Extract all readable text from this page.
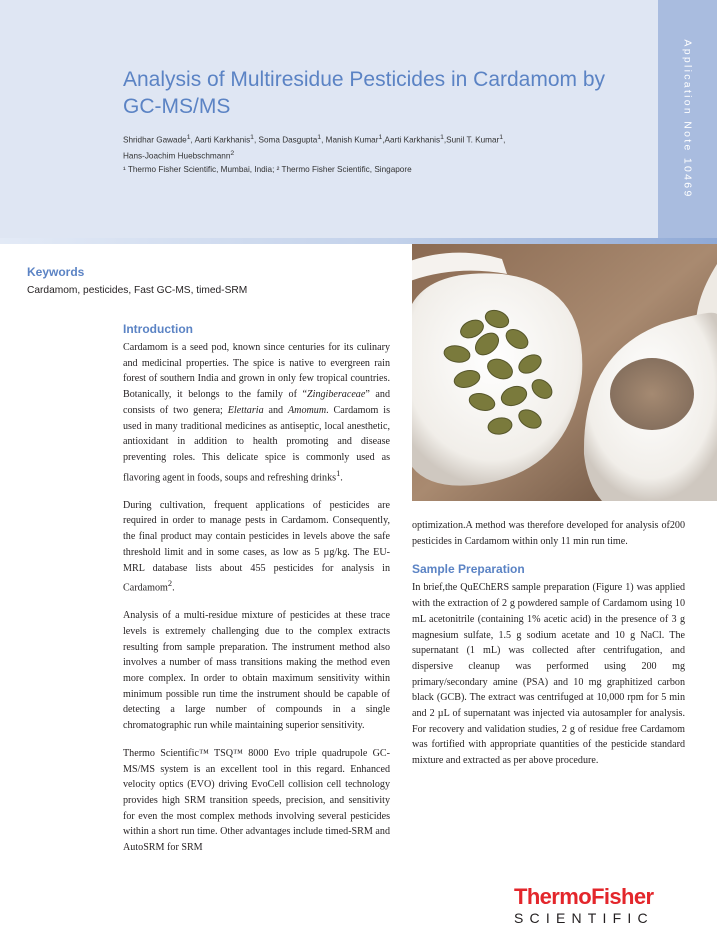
Application Note 10469
Analysis of Multiresidue Pesticides in Cardamom by GC-MS/MS
Shridhar Gawade$^1$, Aarti Karkhanis$^1$, Soma Dasgupta$^1$, Manish Kumar$^1$,Aarti Karkhanis$^1$,Sunil T. Kumar$^1$,
Hans-Joachim Huebschmann$^2$
¹ Thermo Fisher Scientific, Mumbai, India; ² Thermo Fisher Scientific, Singapore
Keywords
Cardamom, pesticides, Fast GC-MS, timed-SRM
Introduction

Cardamom is a seed pod, known since centuries for its culinary and medicinal properties. The spice is native to evergreen rain forest of southern India and grown in only few tropical countries. Botanically, it belongs to the family of “Zingiberaceae” and consists of two genera; Elettaria and Amomum. Cardamom is used in many traditional medicines as antiseptic, local anesthetic, antioxidant in addition to health promoting and disease preventing roles. This delicate spice is commonly used as flavoring agent in foods, soups and refreshing drinks$^1$.

During cultivation, frequent applications of pesticides are required in order to manage pests in Cardamom. Consequently, the final product may contain pesticides in levels above the safe threshold limit and in some cases, as low as 5 µg/kg. The EU-MRL database lists about 455 pesticides for analysis in Cardamom$^2$.

Analysis of a multi-residue mixture of pesticides at these trace levels is extremely challenging due to the complex extracts resulting from sample preparation. The instrument method also involves a number of mass transitions making the method even more complex. In order to obtain maximum sensitivity within minimum possible run time the instrument should be capable of detecting a large number of compounds in a single chromatographic run while maintaining superior sensitivity.

Thermo Scientific™ TSQ™ 8000 Evo triple quadrupole GC-MS/MS system is an excellent tool in this regard. Enhanced velocity optics (EVO) driving EvoCell collision cell technology provides high SRM transition speeds, precision, and sensitivity for even the most complex methods involving several pesticides within a short run time. Other advantages include timed-SRM and AutoSRM for SRM

optimization.A method was therefore developed for analysis of200 pesticides in Cardamom within only 11 min run time.

Sample Preparation

In brief,the QuEChERS sample preparation (Figure 1) was applied with the extraction of 2 g powdered sample of Cardamom using 10 mL acetonitrile (containing 1% acetic acid) in the presence of 3 g magnesium sulfate, 1.5 g sodium acetate and 10 g NaCl. The supernatant (1 mL) was collected after centrifugation, and dispersive cleanup was performed using 200 mg primary/secondary amine (PSA) and 10 mg graphitized carbon black (GCB). The extract was centrifuged at 10,000 rpm for 5 min and 2 µL of supernatant was injected via autosampler for analysis. For recovery and validation studies, 2 g of residue free Cardamom was fortified with appropriate quantities of the pesticide standard mixture and extracted as per above procedure.

ThermoFisher
SCIENTIFIC
